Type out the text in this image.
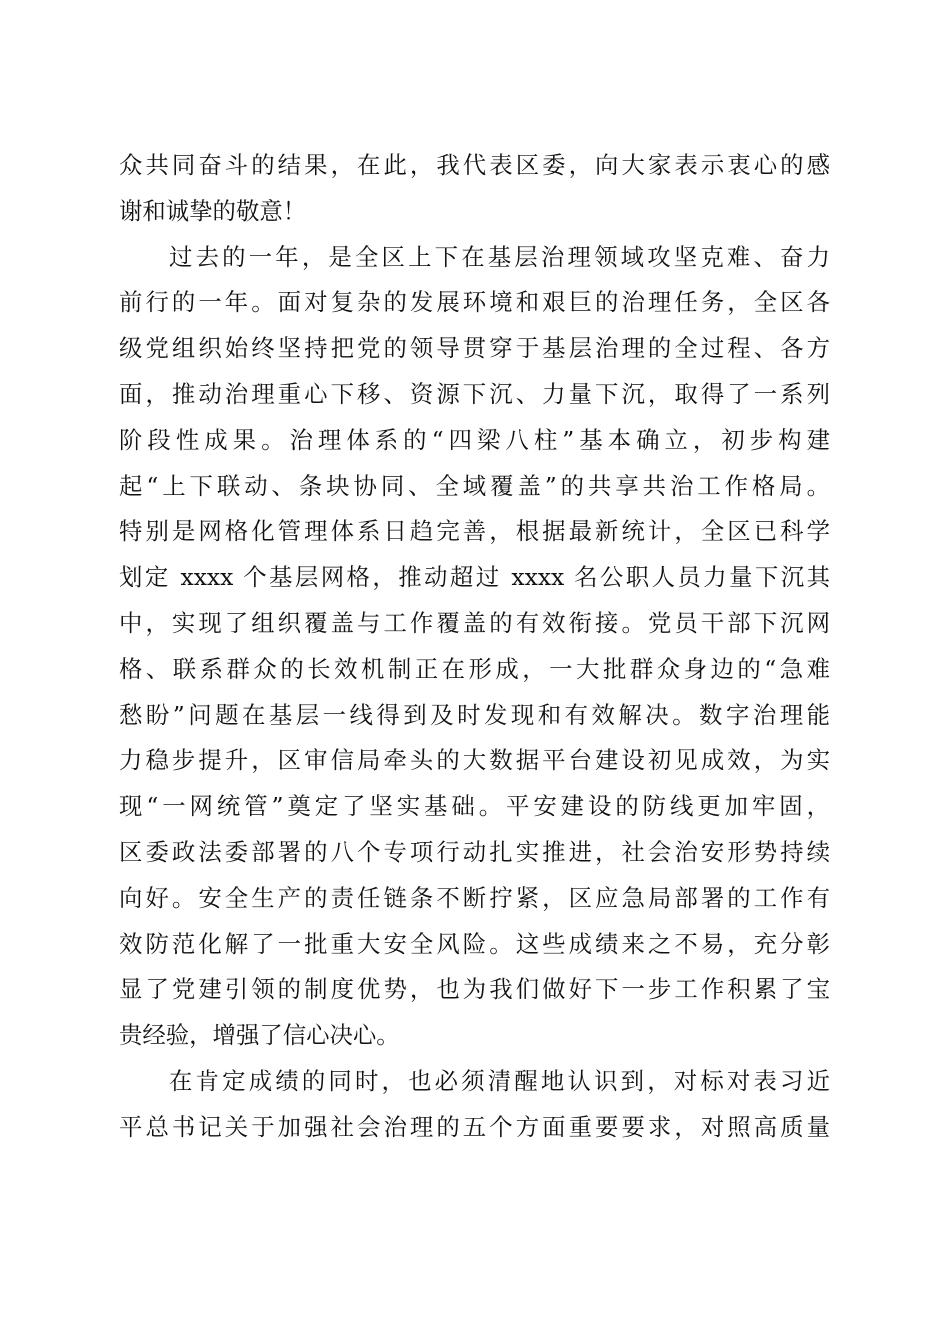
众共同奋斗的结果，在此，我代表区委，向大家表示衷心的感
谢和诚挚的敬意！
过去的一年，是全区上下在基层治理领域攻坚克难、奋力
前行的一年。面对复杂的发展环境和艰巨的治理任务，全区各
级党组织始终坚持把党的领导贯穿于基层治理的全过程、各方
面，推动治理重心下移、资源下沉、力量下沉，取得了一系列
阶段性成果。治理体系的“四梁八柱”基本确立，初步构建
起“上下联动、条块协同、全域覆盖”的共享共治工作格局。
特别是网格化管理体系日趋完善，根据最新统计，全区已科学
划定 xxxx 个基层网格，推动超过 xxxx 名公职人员力量下沉其
中，实现了组织覆盖与工作覆盖的有效衔接。党员干部下沉网
格、联系群众的长效机制正在形成，一大批群众身边的“急难
愁盼”问题在基层一线得到及时发现和有效解决。数字治理能
力稳步提升，区审信局牵头的大数据平台建设初见成效，为实
现“一网统管”奠定了坚实基础。平安建设的防线更加牢固，
区委政法委部署的八个专项行动扎实推进，社会治安形势持续
向好。安全生产的责任链条不断拧紧，区应急局部署的工作有
效防范化解了一批重大安全风险。这些成绩来之不易，充分彰
显了党建引领的制度优势，也为我们做好下一步工作积累了宝
贵经验，增强了信心决心。
在肯定成绩的同时，也必须清醒地认识到，对标对表习近
平总书记关于加强社会治理的五个方面重要要求，对照高质量
